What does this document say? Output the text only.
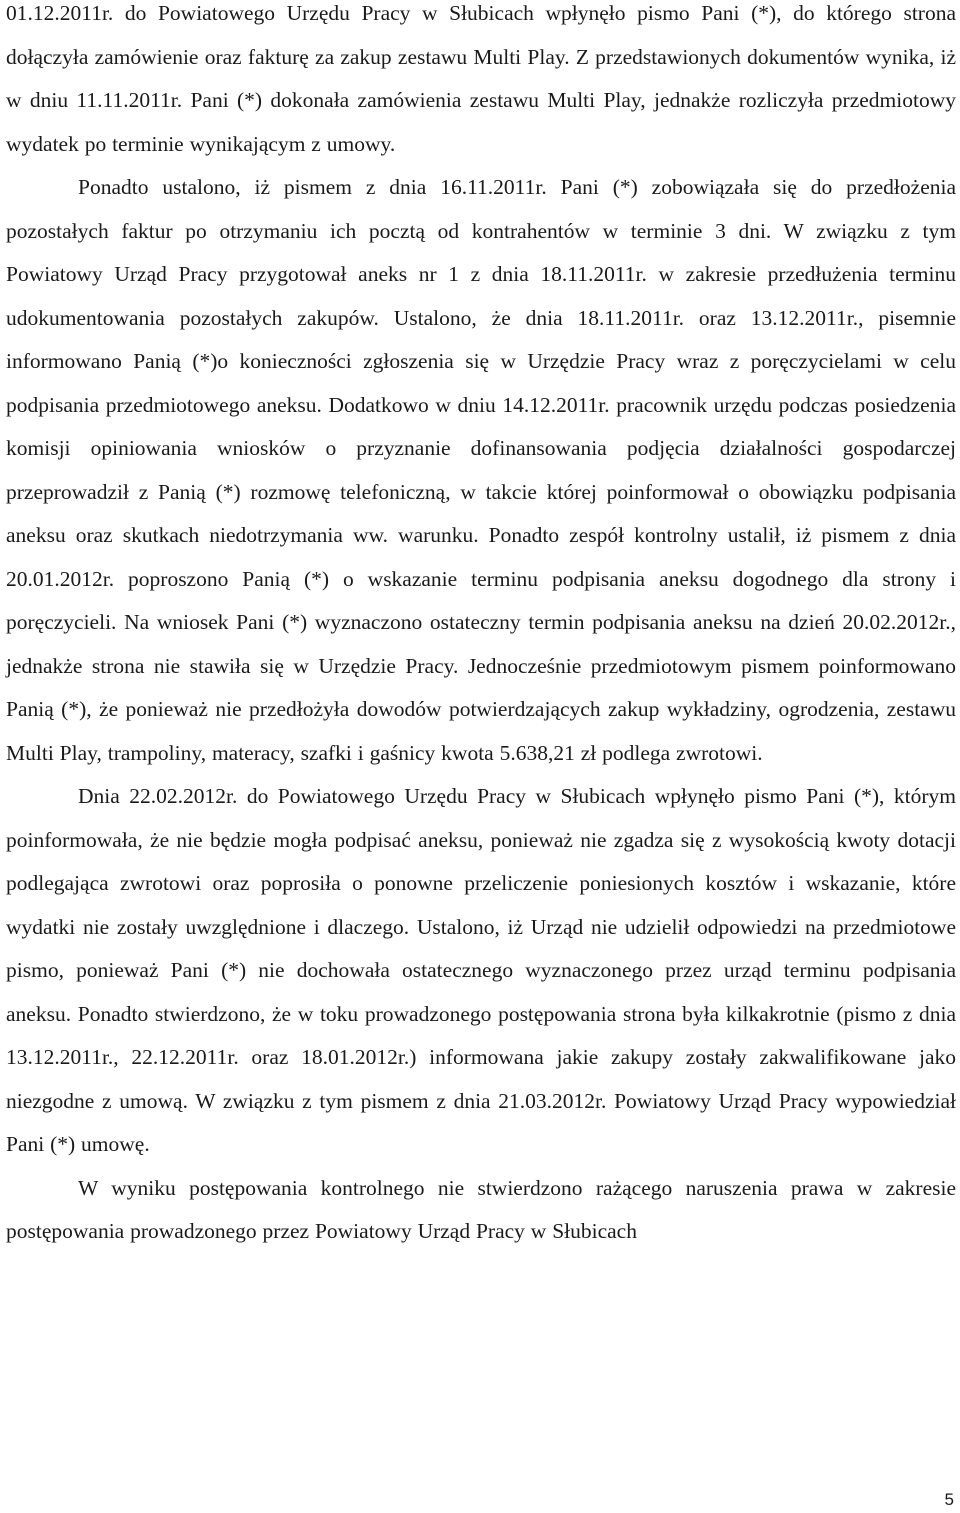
01.12.2011r. do Powiatowego Urzędu Pracy w Słubicach wpłynęło pismo Pani (*), do którego strona dołączyła zamówienie oraz fakturę za zakup zestawu Multi Play. Z przedstawionych dokumentów wynika, iż w dniu 11.11.2011r. Pani (*) dokonała zamówienia zestawu Multi Play, jednakże rozliczyła przedmiotowy wydatek po terminie wynikającym z umowy.

Ponadto ustalono, iż pismem z dnia 16.11.2011r. Pani (*) zobowiązała się do przedłożenia pozostałych faktur po otrzymaniu ich pocztą od kontrahentów w terminie 3 dni. W związku z tym Powiatowy Urząd Pracy przygotował aneks nr 1 z dnia 18.11.2011r. w zakresie przedłużenia terminu udokumentowania pozostałych zakupów. Ustalono, że dnia 18.11.2011r. oraz 13.12.2011r., pisemnie informowano Panią (*)o konieczności zgłoszenia się w Urzędzie Pracy wraz z poręczycielami w celu podpisania przedmiotowego aneksu. Dodatkowo w dniu 14.12.2011r. pracownik urzędu podczas posiedzenia komisji opiniowania wniosków o przyznanie dofinansowania podjęcia działalności gospodarczej przeprowadził z Panią (*) rozmowę telefoniczną, w takcie której poinformował o obowiązku podpisania aneksu oraz skutkach niedotrzymania ww. warunku. Ponadto zespół kontrolny ustalił, iż pismem z dnia 20.01.2012r. poproszono Panią (*) o wskazanie terminu podpisania aneksu dogodnego dla strony i poręczycieli. Na wniosek Pani (*) wyznaczono ostateczny termin podpisania aneksu na dzień 20.02.2012r., jednakże strona nie stawiła się w Urzędzie Pracy. Jednocześnie przedmiotowym pismem poinformowano Panią (*), że ponieważ nie przedłożyła dowodów potwierdzających zakup wykładziny, ogrodzenia, zestawu Multi Play, trampoliny, materacy, szafki i gaśnicy kwota 5.638,21 zł podlega zwrotowi.

Dnia 22.02.2012r. do Powiatowego Urzędu Pracy w Słubicach wpłynęło pismo Pani (*), którym poinformowała, że nie będzie mogła podpisać aneksu, ponieważ nie zgadza się z wysokością kwoty dotacji podlegająca zwrotowi oraz poprosiła o ponowne przeliczenie poniesionych kosztów i wskazanie, które wydatki nie zostały uwzględnione i dlaczego. Ustalono, iż Urząd nie udzielił odpowiedzi na przedmiotowe pismo, ponieważ Pani (*) nie dochowała ostatecznego wyznaczonego przez urząd terminu podpisania aneksu. Ponadto stwierdzono, że w toku prowadzonego postępowania strona była kilkakrotnie (pismo z dnia 13.12.2011r., 22.12.2011r. oraz 18.01.2012r.) informowana jakie zakupy zostały zakwalifikowane jako niezgodne z umową. W związku z tym pismem z dnia 21.03.2012r. Powiatowy Urząd Pracy wypowiedział Pani (*) umowę.

W wyniku postępowania kontrolnego nie stwierdzono rażącego naruszenia prawa w zakresie postępowania prowadzonego przez Powiatowy Urząd Pracy w Słubicach

5
